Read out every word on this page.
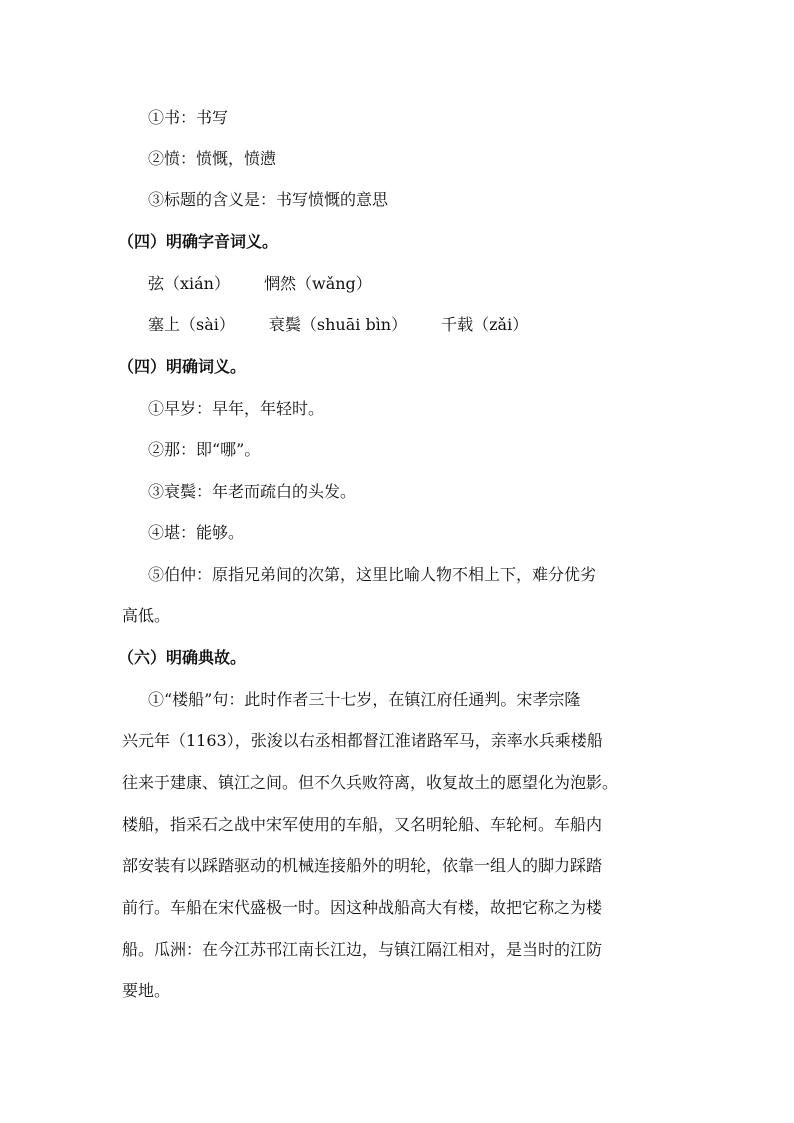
①书：书写
②愤：愤慨，愤懑
③标题的含义是：书写愤慨的意思
（四）明确字音词义。
弦（xián） 惘然（wǎng）
塞上（sài） 衰鬓（shuāi bìn） 千载（zǎi）
（四）明确词义。
①早岁：早年，年轻时。
②那：即“哪”。
③衰鬓：年老而疏白的头发。
④堪：能够。
⑤伯仲：原指兄弟间的次第，这里比喻人物不相上下，难分优劣
高低。
（六）明确典故。
①“楼船”句：此时作者三十七岁，在镇江府任通判。宋孝宗隆
兴元年（1163），张浚以右丞相都督江淮诸路军马，亲率水兵乘楼船
往来于建康、镇江之间。但不久兵败符离，收复故土的愿望化为泡影。
楼船，指采石之战中宋军使用的车船，又名明轮船、车轮柯。车船内
部安装有以踩踏驱动的机械连接船外的明轮，依靠一组人的脚力踩踏
前行。车船在宋代盛极一时。因这种战船高大有楼，故把它称之为楼
船。瓜洲：在今江苏邗江南长江边，与镇江隔江相对，是当时的江防
要地。
